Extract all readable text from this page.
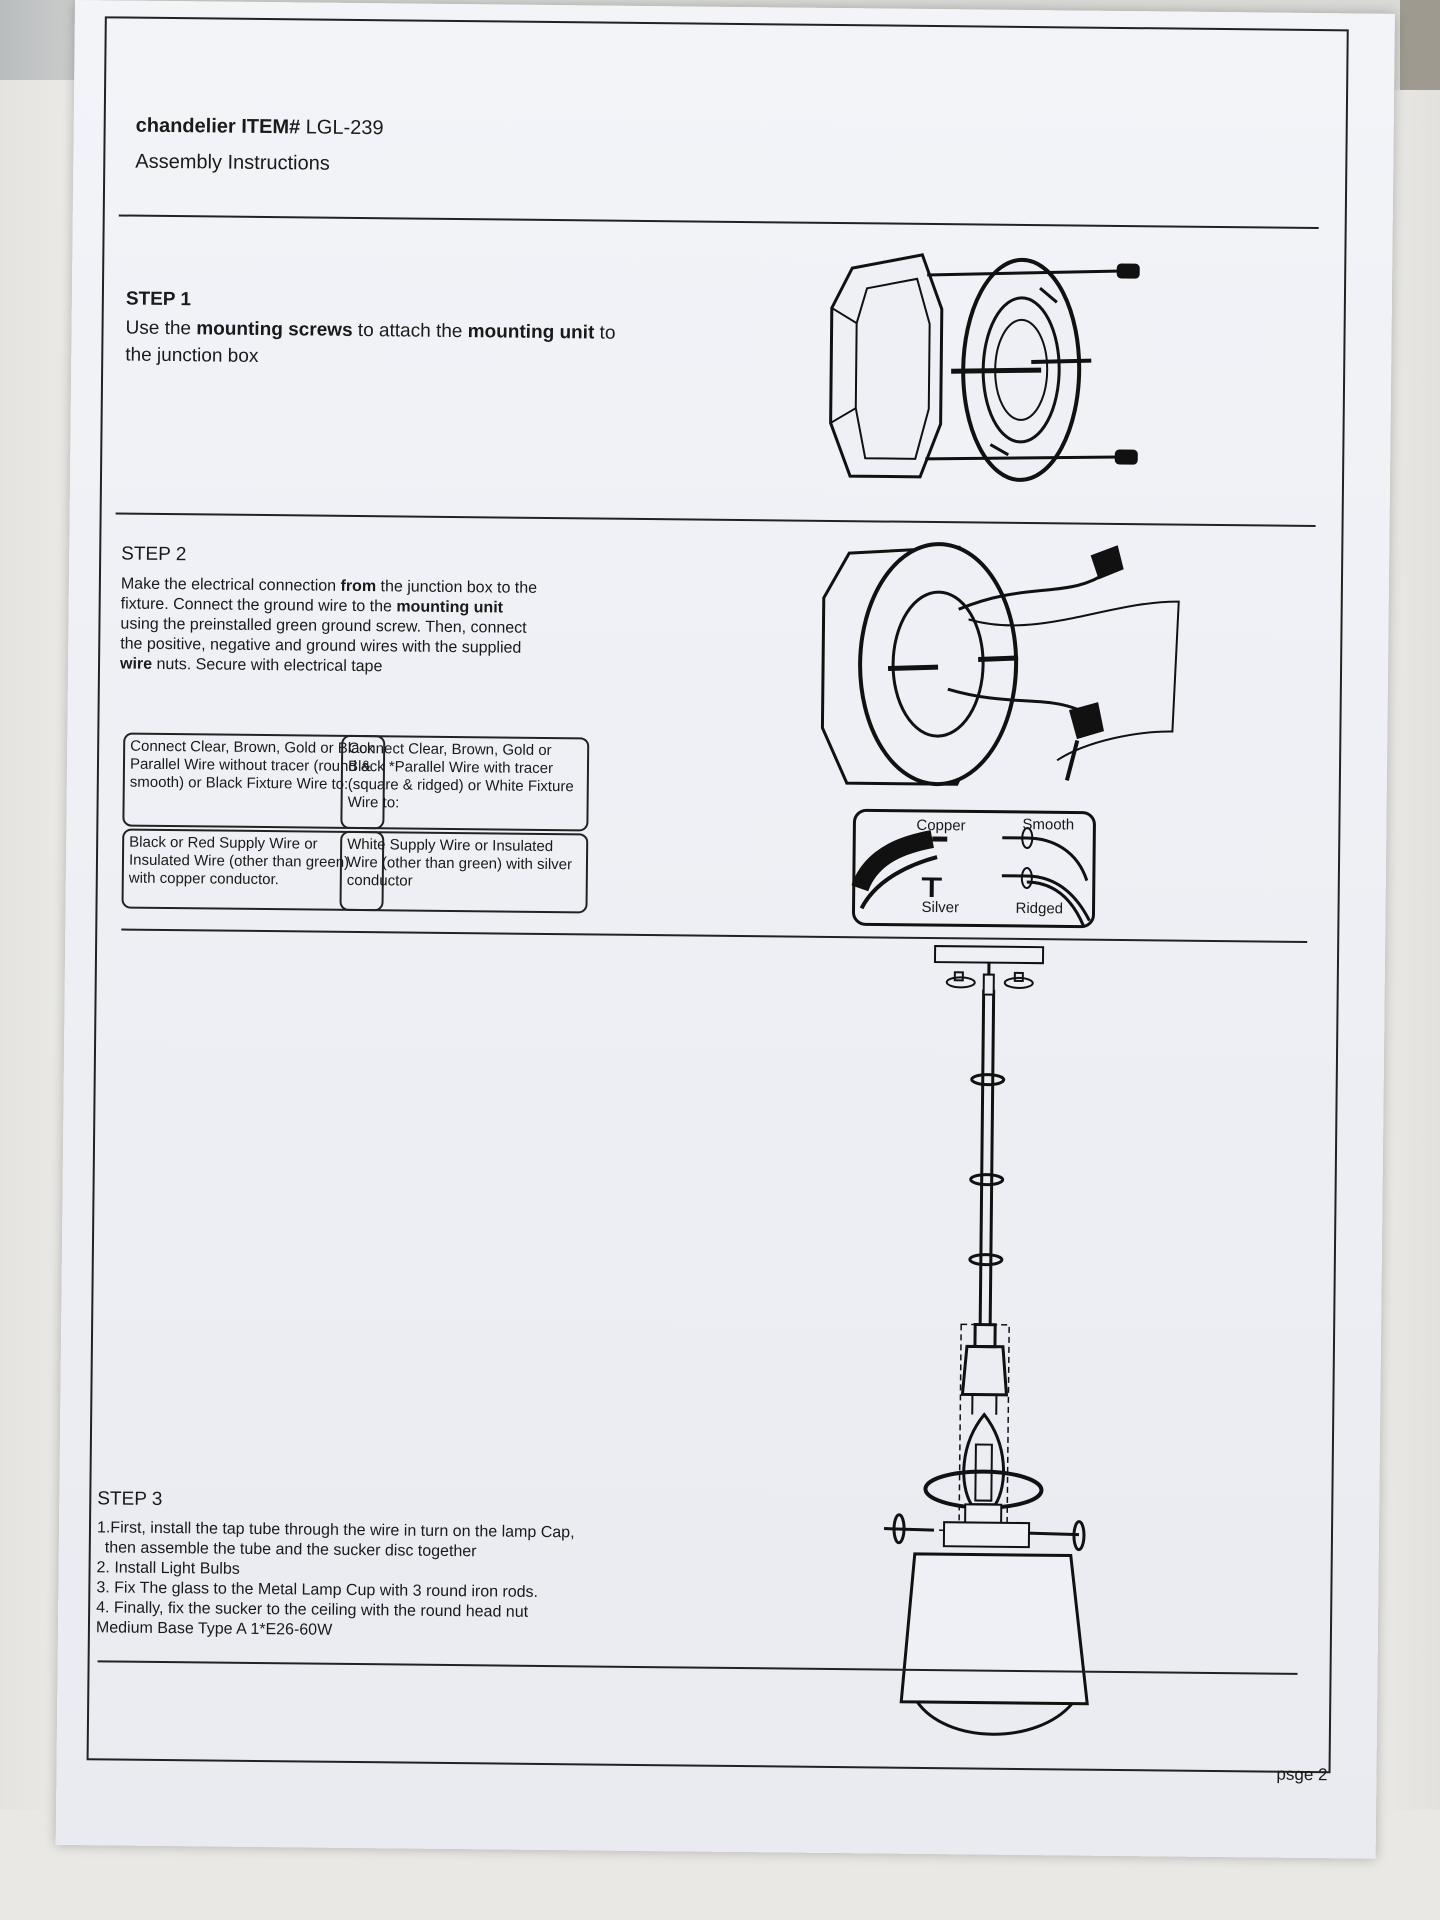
chandelier ITEM# LGL-239
Assembly Instructions
STEP 1
Use the mounting screws to attach the mounting unit to the junction box
STEP 2
Make the electrical connection from the junction box to the fixture. Connect the ground wire to the mounting unit using the preinstalled green ground screw. Then, connect the positive, negative and ground wires with the supplied wire nuts. Secure with electrical tape
Connect Clear, Brown, Gold or Black Parallel Wire without tracer (round & smooth) or Black Fixture Wire to:
Connect Clear, Brown, Gold or Black *Parallel Wire with tracer (square & ridged) or White Fixture Wire to:
Black or Red Supply Wire or Insulated Wire (other than green) with copper conductor.
White Supply Wire or Insulated Wire (other than green) with silver conductor
Copper	Smooth
Silver	Ridged
STEP 3
1.First, install the tap tube through the wire in turn on the lamp Cap,
then assemble the tube and the sucker disc together
2. Install Light Bulbs
3. Fix The glass to the Metal Lamp Cup with 3 round iron rods.
4. Finally, fix the sucker to the ceiling with the round head nut
Medium Base Type A 1*E26-60W
psge 2
